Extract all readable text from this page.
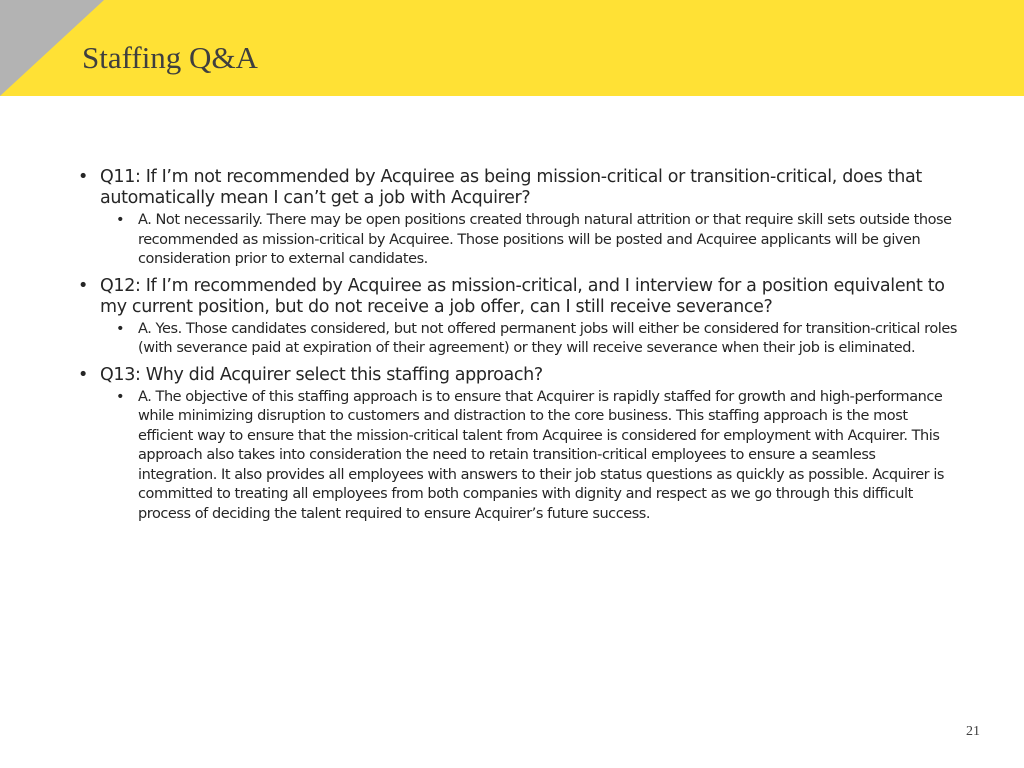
Staffing Q&A
• Q11: If I’m not recommended by Acquiree as being mission-critical or transition-critical, does that automatically mean I can’t get a job with Acquirer?
• A. Not necessarily. There may be open positions created through natural attrition or that require skill sets outside those recommended as mission-critical by Acquiree. Those positions will be posted and Acquiree applicants will be given consideration prior to external candidates.
• Q12: If I’m recommended by Acquiree as mission-critical, and I interview for a position equivalent to my current position, but do not receive a job offer, can I still receive severance?
• A. Yes. Those candidates considered, but not offered permanent jobs will either be considered for transition-critical roles (with severance paid at expiration of their agreement) or they will receive severance when their job is eliminated.
• Q13: Why did Acquirer select this staffing approach?
• A. The objective of this staffing approach is to ensure that Acquirer is rapidly staffed for growth and high-performance while minimizing disruption to customers and distraction to the core business. This staffing approach is the most efficient way to ensure that the mission-critical talent from Acquiree is considered for employment with Acquirer. This approach also takes into consideration the need to retain transition-critical employees to ensure a seamless integration. It also provides all employees with answers to their job status questions as quickly as possible. Acquirer is committed to treating all employees from both companies with dignity and respect as we go through this difficult process of deciding the talent required to ensure Acquirer’s future success.
21
